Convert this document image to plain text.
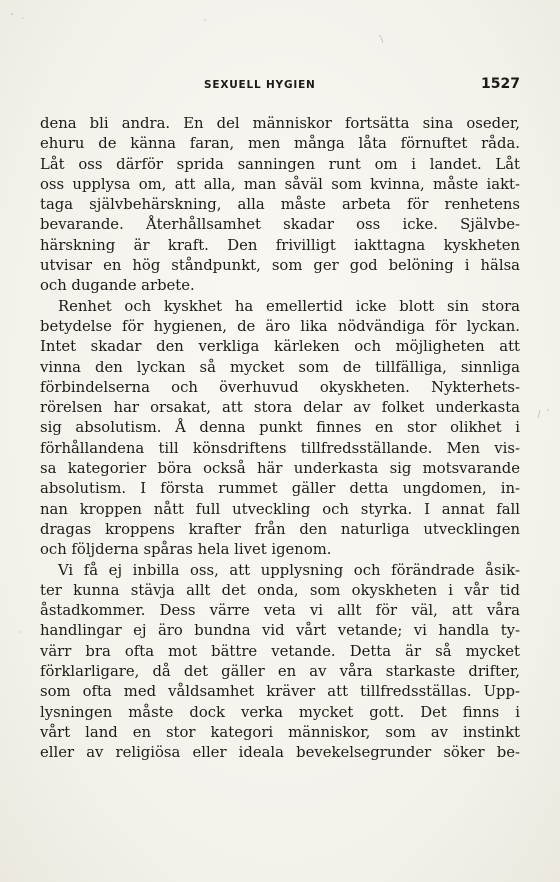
SEXUELL HYGIEN	1527
dena bli andra. En del människor fortsätta sina oseder,
ehuru de känna faran, men många låta förnuftet råda.
Låt oss därför sprida sanningen runt om i landet. Låt
oss upplysa om, att alla, man såväl som kvinna, måste iakt-
taga självbehärskning, alla måste arbeta för renhetens
bevarande. Återhållsamhet skadar oss icke. Självbe-
härskning är kraft. Den frivilligt iakttagna kyskheten
utvisar en hög ståndpunkt, som ger god belöning i hälsa
och dugande arbete.
Renhet och kyskhet ha emellertid icke blott sin stora
betydelse för hygienen, de äro lika nödvändiga för lyckan.
Intet skadar den verkliga kärleken och möjligheten att
vinna den lyckan så mycket som de tillfälliga, sinnliga
förbindelserna och överhuvud okyskheten. Nykterhets-
rörelsen har orsakat, att stora delar av folket underkasta
sig absolutism. Å denna punkt finnes en stor olikhet i
förhållandena till könsdriftens tillfredsställande. Men vis-
sa kategorier böra också här underkasta sig motsvarande
absolutism. I första rummet gäller detta ungdomen, in-
nan kroppen nått full utveckling och styrka. I annat fall
dragas kroppens krafter från den naturliga utvecklingen
och följderna spåras hela livet igenom.
Vi få ej inbilla oss, att upplysning och förändrade åsik-
ter kunna stävja allt det onda, som okyskheten i vår tid
åstadkommer. Dess värre veta vi allt för väl, att våra
handlingar ej äro bundna vid vårt vetande; vi handla ty-
värr bra ofta mot bättre vetande. Detta är så mycket
förklarligare, då det gäller en av våra starkaste drifter,
som ofta med våldsamhet kräver att tillfredsställas. Upp-
lysningen måste dock verka mycket gott. Det finns i
vårt land en stor kategori människor, som av instinkt
eller av religiösa eller ideala bevekelsegrunder söker be-
